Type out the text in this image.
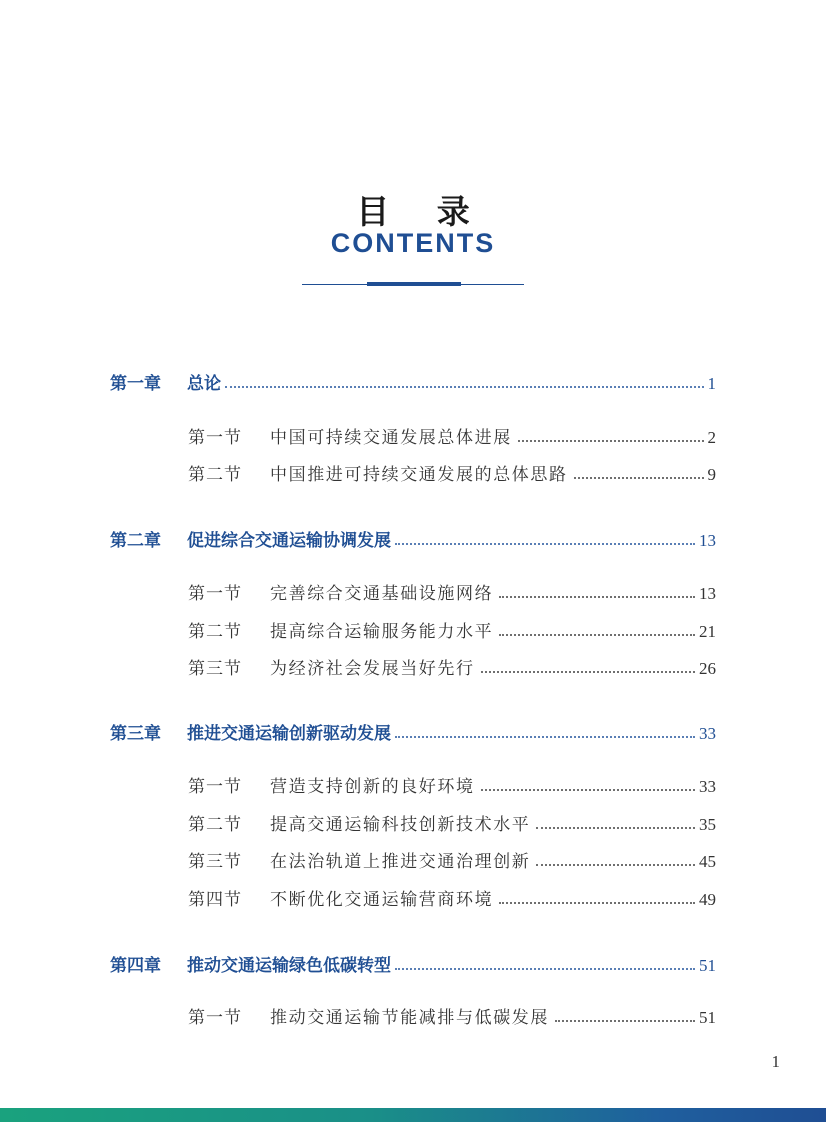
目 录
CONTENTS
第一章	总论	1
第一节	中国可持续交通发展总体进展	2
第二节	中国推进可持续交通发展的总体思路	9
第二章	促进综合交通运输协调发展	13
第一节	完善综合交通基础设施网络	13
第二节	提高综合运输服务能力水平	21
第三节	为经济社会发展当好先行	26
第三章	推进交通运输创新驱动发展	33
第一节	营造支持创新的良好环境	33
第二节	提高交通运输科技创新技术水平	35
第三节	在法治轨道上推进交通治理创新	45
第四节	不断优化交通运输营商环境	49
第四章	推动交通运输绿色低碳转型	51
第一节	推动交通运输节能减排与低碳发展	51
1
